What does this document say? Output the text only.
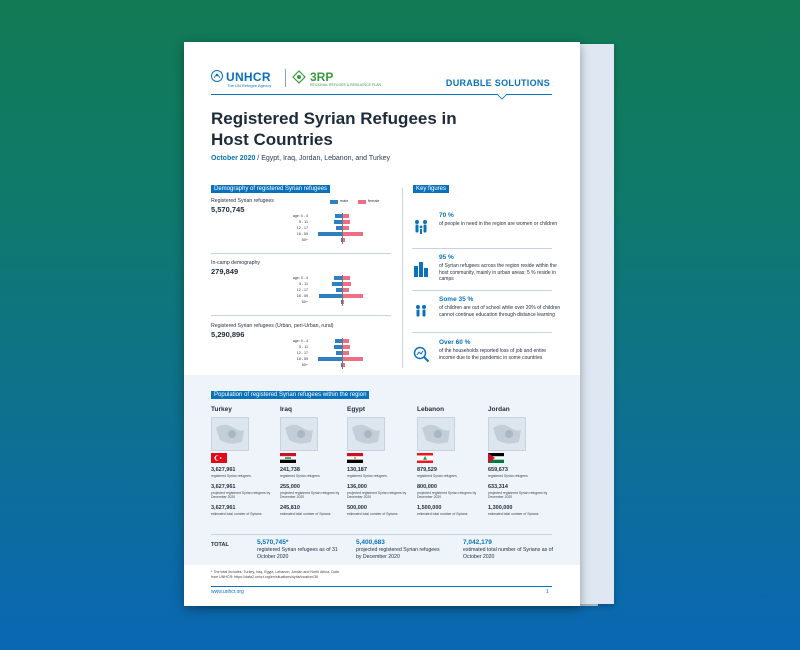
UNHCR
The UN Refugee Agency
3RP
REGIONAL REFUGEE & RESILIENCE PLAN	DURABLE SOLUTIONS
Registered Syrian Refugees in Host Countries
October 2020 / Egypt, Iraq, Jordan, Lebanon, and Turkey
Demography of registered Syrian refugees
male	female
Registered Syrian refugees
5,570,745
age: 0 - 4
5 - 11
12 - 17
18 - 59
60+
In-camp demography
279,849
age: 0 - 4
5 - 11
12 - 17
18 - 59
60+
Registered Syrian refugees (Urban, peri-Urban, rural)
5,290,896
age: 0 - 4
5 - 11
12 - 17
18 - 59
60+
Key figures
70 %
of people in need in the region are women or children
95 %
of Syrian refugees across the region reside within the host community, mainly in urban areas; 5 % reside in camps
Some 35 %
of children are out of school while over 20% of children cannot continue education through distance learning
Over 60 %
of the households reported loss of job and entire income due to the pandemic in some countries
Population of registered Syrian refugees within the region
Turkey
3,627,961
registered Syrian refugees
3,627,961
projected registered Syrian refugees by December 2020
3,627,961
estimated total number of Syrians
Iraq
241,738
registered Syrian refugees
255,000
projected registered Syrian refugees by December 2020
245,810
estimated total number of Syrians
Egypt
130,187
registered Syrian refugees
136,000
projected registered Syrian refugees by December 2020
500,000
estimated total number of Syrians
Lebanon
879,529
registered Syrian refugees
800,000
projected registered Syrian refugees by December 2020
1,500,000
estimated total number of Syrians
Jordan
659,673
registered Syrian refugees
633,314
projected registered Syrian refugees by December 2020
1,300,000
estimated total number of Syrians
TOTAL	5,570,745*
registered Syrian refugees as of 31 October 2020
5,400,683
projected registered Syrian refugees by December 2020
7,042,179
estimated total number of Syrians as of October 2020
* The total includes: Turkey, Iraq, Egypt, Lebanon, Jordan and North Africa. Data from UNHCR: https://data2.unhcr.org/en/situations/syria/location/36
www.unhcr.org	1
